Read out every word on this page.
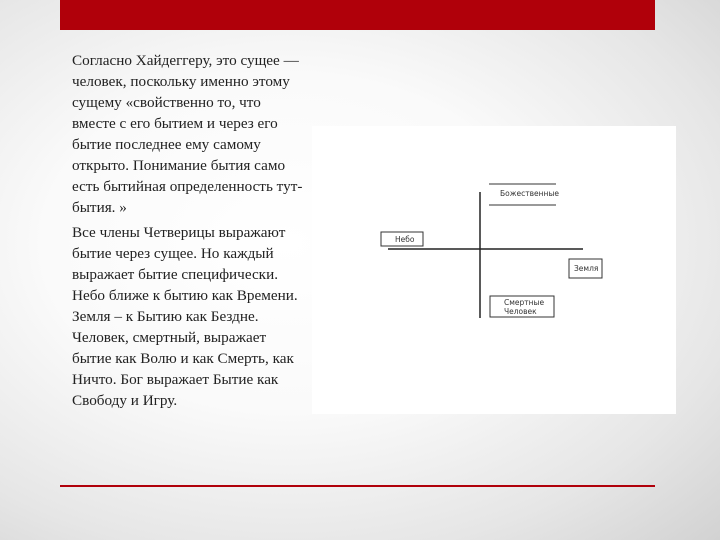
Согласно Хайдеггеру, это сущее — человек, поскольку именно этому сущему «свойственно то, что вместе с его бытием и через его бытие последнее ему самому открыто. Понимание бытия само есть бытийная определенность тут-бытия. »

Все члены Четверицы выражают бытие через сущее. Но каждый выражает бытие специфически. Небо ближе к бытию как Времени. Земля – к Бытию как Бездне. Человек, смертный, выражает бытие как Волю и как Смерть, как Ничто. Бог выражает Бытие как Свободу и Игру.

Божественные
Небо
Земля
Смертные
Человек
